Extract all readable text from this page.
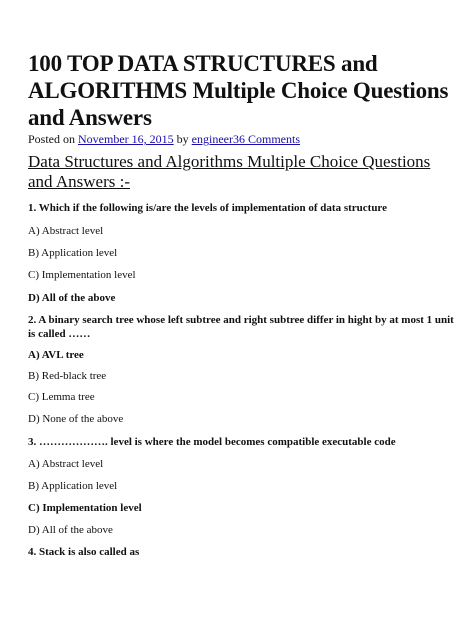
100 TOP DATA STRUCTURES and ALGORITHMS Multiple Choice Questions and Answers
Posted on November 16, 2015 by engineer36 Comments
Data Structures and Algorithms Multiple Choice Questions and Answers :-
1. Which if the following is/are the levels of implementation of data structure
A) Abstract level
B) Application level
C) Implementation level
D) All of the above
2. A binary search tree whose left subtree and right subtree differ in hight by at most 1 unit is called ……
A) AVL tree
B) Red-black tree
C) Lemma tree
D) None of the above
3. ………………. level is where the model becomes compatible executable code
A) Abstract level
B) Application level
C) Implementation level
D) All of the above
4. Stack is also called as
